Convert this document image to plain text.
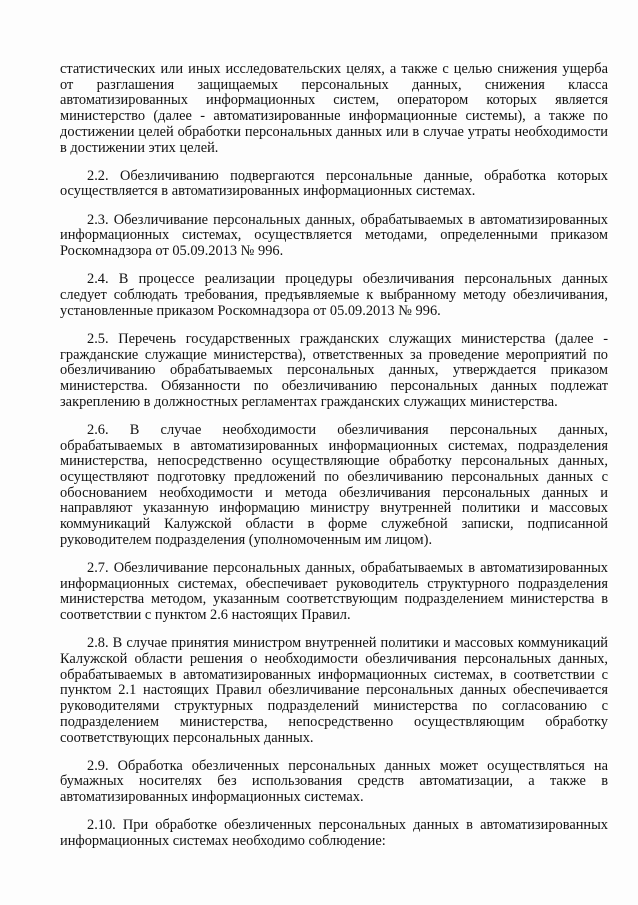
статистических или иных исследовательских целях, а также с целью снижения ущерба от разглашения защищаемых персональных данных, снижения класса автоматизированных информационных систем, оператором которых является министерство (далее - автоматизированные информационные системы), а также по достижении целей обработки персональных данных или в случае утраты необходимости в достижении этих целей.

2.2. Обезличиванию подвергаются персональные данные, обработка которых осуществляется в автоматизированных информационных системах.

2.3. Обезличивание персональных данных, обрабатываемых в автоматизированных информационных системах, осуществляется методами, определенными приказом Роскомнадзора от 05.09.2013 № 996.

2.4. В процессе реализации процедуры обезличивания персональных данных следует соблюдать требования, предъявляемые к выбранному методу обезличивания, установленные приказом Роскомнадзора от 05.09.2013 № 996.

2.5. Перечень государственных гражданских служащих министерства (далее - гражданские служащие министерства), ответственных за проведение мероприятий по обезличиванию обрабатываемых персональных данных, утверждается приказом министерства. Обязанности по обезличиванию персональных данных подлежат закреплению в должностных регламентах гражданских служащих министерства.

2.6. В случае необходимости обезличивания персональных данных, обрабатываемых в автоматизированных информационных системах, подразделения министерства, непосредственно осуществляющие обработку персональных данных, осуществляют подготовку предложений по обезличиванию персональных данных с обоснованием необходимости и метода обезличивания персональных данных и направляют указанную информацию министру внутренней политики и массовых коммуникаций Калужской области в форме служебной записки, подписанной руководителем подразделения (уполномоченным им лицом).

2.7. Обезличивание персональных данных, обрабатываемых в автоматизированных информационных системах, обеспечивает руководитель структурного подразделения министерства методом, указанным соответствующим подразделением министерства в соответствии с пунктом 2.6 настоящих Правил.

2.8. В случае принятия министром внутренней политики и массовых коммуникаций Калужской области решения о необходимости обезличивания персональных данных, обрабатываемых в автоматизированных информационных системах, в соответствии с пунктом 2.1 настоящих Правил обезличивание персональных данных обеспечивается руководителями структурных подразделений министерства по согласованию с подразделением министерства, непосредственно осуществляющим обработку соответствующих персональных данных.

2.9. Обработка обезличенных персональных данных может осуществляться на бумажных носителях без использования средств автоматизации, а также в автоматизированных информационных системах.

2.10. При обработке обезличенных персональных данных в автоматизированных информационных системах необходимо соблюдение:
